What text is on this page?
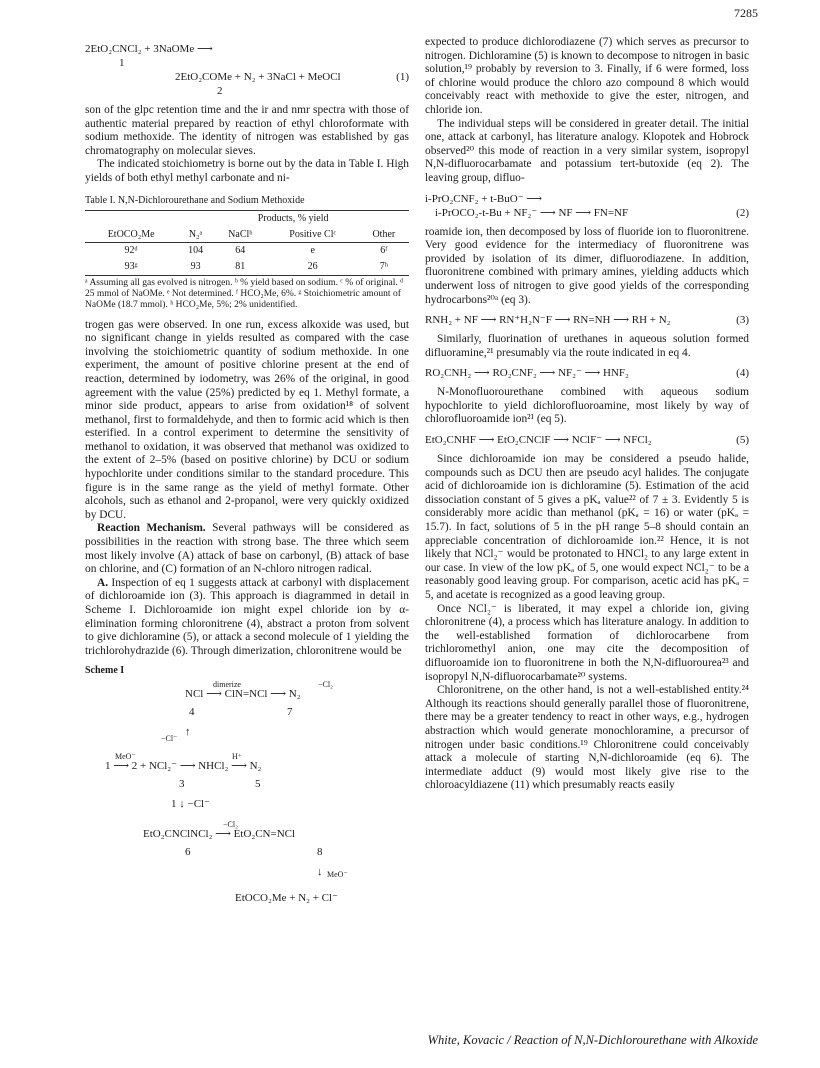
7285
2EtO₂CNCl₂ + 3NaOMe ⟶
1
2EtO₂COMe + N₂ + 3NaCl + MeOCl	(1)
2

son of the glpc retention time and the ir and nmr spectra with those of authentic material prepared by reaction of ethyl chloroformate with sodium methoxide. The identity of nitrogen was established by gas chromatography on molecular sieves.

The indicated stoichiometry is borne out by the data in Table I. High yields of both ethyl methyl carbonate and ni-

Table I. N,N-Dichlorourethane and Sodium Methoxide
	Products, % yield			
EtOCO₂Me	N₂ᵃ	NaClᵇ	Positive Clᶜ	Other
92ᵈ	104	64	e	6ᶠ
93ᵍ	93	81	26	7ʰ
ᵃ Assuming all gas evolved is nitrogen. ᵇ % yield based on sodium. ᶜ % of original. ᵈ 25 mmol of NaOMe. ᵉ Not determined. ᶠ HCO₂Me, 6%. ᵍ Stoichiometric amount of NaOMe (18.7 mmol). ʰ HCO₂Me, 5%; 2% unidentified.

trogen gas were observed. In one run, excess alkoxide was used, but no significant change in yields resulted as compared with the case involving the stoichiometric quantity of sodium methoxide. In one experiment, the amount of positive chlorine present at the end of reaction, determined by iodometry, was 26% of the original, in good agreement with the value (25%) predicted by eq 1. Methyl formate, a minor side product, appears to arise from oxidation¹⁸ of solvent methanol, first to formaldehyde, and then to formic acid which is then esterified. In a control experiment to determine the sensitivity of methanol to oxidation, it was observed that methanol was oxidized to the extent of 2–5% (based on positive chlorine) by DCU or sodium hypochlorite under conditions similar to the standard procedure. This figure is in the same range as the yield of methyl formate. Other alcohols, such as ethanol and 2-propanol, were very quickly oxidized by DCU.

Reaction Mechanism. Several pathways will be considered as possibilities in the reaction with strong base. The three which seem most likely involve (A) attack of base on carbonyl, (B) attack of base on chlorine, and (C) formation of an N-chloro nitrogen radical.

A. Inspection of eq 1 suggests attack at carbonyl with displacement of dichloroamide ion (3). This approach is diagrammed in detail in Scheme I. Dichloroamide ion might expel chloride ion by α-elimination forming chloronitrene (4), abstract a proton from solvent to give dichloramine (5), or attack a second molecule of 1 yielding the trichlorohydrazide (6). Through dimerization, chloronitrene would be

Scheme I
dimerize	−Cl₂
NCl ⟶ ClN=NCl ⟶ N₂
4	7
−Cl⁻
↑
MeO⁻	H⁺
1 ⟶ 2 + NCl₂⁻ ⟶ NHCl₂ ⟶ N₂
3	5
1 ↓ −Cl⁻
−Cl₂
EtO₂CNClNCl₂ ⟶ EtO₂CN=NCl
6	8
↓ MeO⁻
EtOCO₂Me + N₂ + Cl⁻

expected to produce dichlorodiazene (7) which serves as precursor to nitrogen. Dichloramine (5) is known to decompose to nitrogen in basic solution,¹⁹ probably by reversion to 3. Finally, if 6 were formed, loss of chlorine would produce the chloro azo compound 8 which would conceivably react with methoxide to give the ester, nitrogen, and chloride ion.

The individual steps will be considered in greater detail. The initial one, attack at carbonyl, has literature analogy. Klopotek and Hobrock observed²⁰ this mode of reaction in a very similar system, isopropyl N,N-difluorocarbamate and potassium tert-butoxide (eq 2). The leaving group, difluo-

i-PrO₂CNF₂ + t-BuO⁻ ⟶
i-PrOCO₂-t-Bu + NF₂⁻ ⟶ NF ⟶ FN=NF	(2)

roamide ion, then decomposed by loss of fluoride ion to fluoronitrene. Very good evidence for the intermediacy of fluoronitrene was provided by isolation of its dimer, difluorodiazene. In addition, fluoronitrene combined with primary amines, yielding adducts which underwent loss of nitrogen to give good yields of the corresponding hydrocarbons²⁰ᵃ (eq 3).

RNH₂ + NF ⟶ RN⁺H₂N⁻F ⟶ RN=NH ⟶ RH + N₂	(3)

Similarly, fluorination of urethanes in aqueous solution formed difluoramine,²¹ presumably via the route indicated in eq 4.

RO₂CNH₂ ⟶ RO₂CNF₂ ⟶ NF₂⁻ ⟶ HNF₂	(4)

N-Monofluorourethane combined with aqueous sodium hypochlorite to yield dichlorofluoroamine, most likely by way of chlorofluoroamide ion²¹ (eq 5).

EtO₂CNHF ⟶ EtO₂CNClF ⟶ NClF⁻ ⟶ NFCl₂	(5)

Since dichloroamide ion may be considered a pseudo halide, compounds such as DCU then are pseudo acyl halides. The conjugate acid of dichloroamide ion is dichloramine (5). Estimation of the acid dissociation constant of 5 gives a pKₐ value²² of 7 ± 3. Evidently 5 is considerably more acidic than methanol (pKₐ = 16) or water (pKₐ = 15.7). In fact, solutions of 5 in the pH range 5–8 should contain an appreciable concentration of dichloroamide ion.²² Hence, it is not likely that NCl₂⁻ would be protonated to HNCl₂ to any large extent in our case. In view of the low pKₐ of 5, one would expect NCl₂⁻ to be a reasonably good leaving group. For comparison, acetic acid has pKₐ = 5, and acetate is recognized as a good leaving group.

Once NCl₂⁻ is liberated, it may expel a chloride ion, giving chloronitrene (4), a process which has literature analogy. In addition to the well-established formation of dichlorocarbene from trichloromethyl anion, one may cite the decomposition of difluoroamide ion to fluoronitrene in both the N,N-difluorourea²³ and isopropyl N,N-difluorocarbamate²⁰ systems.

Chloronitrene, on the other hand, is not a well-established entity.²⁴ Although its reactions should generally parallel those of fluoronitrene, there may be a greater tendency to react in other ways, e.g., hydrogen abstraction which would generate monochloramine, a precursor of nitrogen under basic conditions.¹⁹ Chloronitrene could conceivably attack a molecule of starting N,N-dichloroamide (eq 6). The intermediate adduct (9) would most likely give rise to the chloroacyldiazene (11) which presumably reacts easily

White, Kovacic / Reaction of N,N-Dichlorourethane with Alkoxide
